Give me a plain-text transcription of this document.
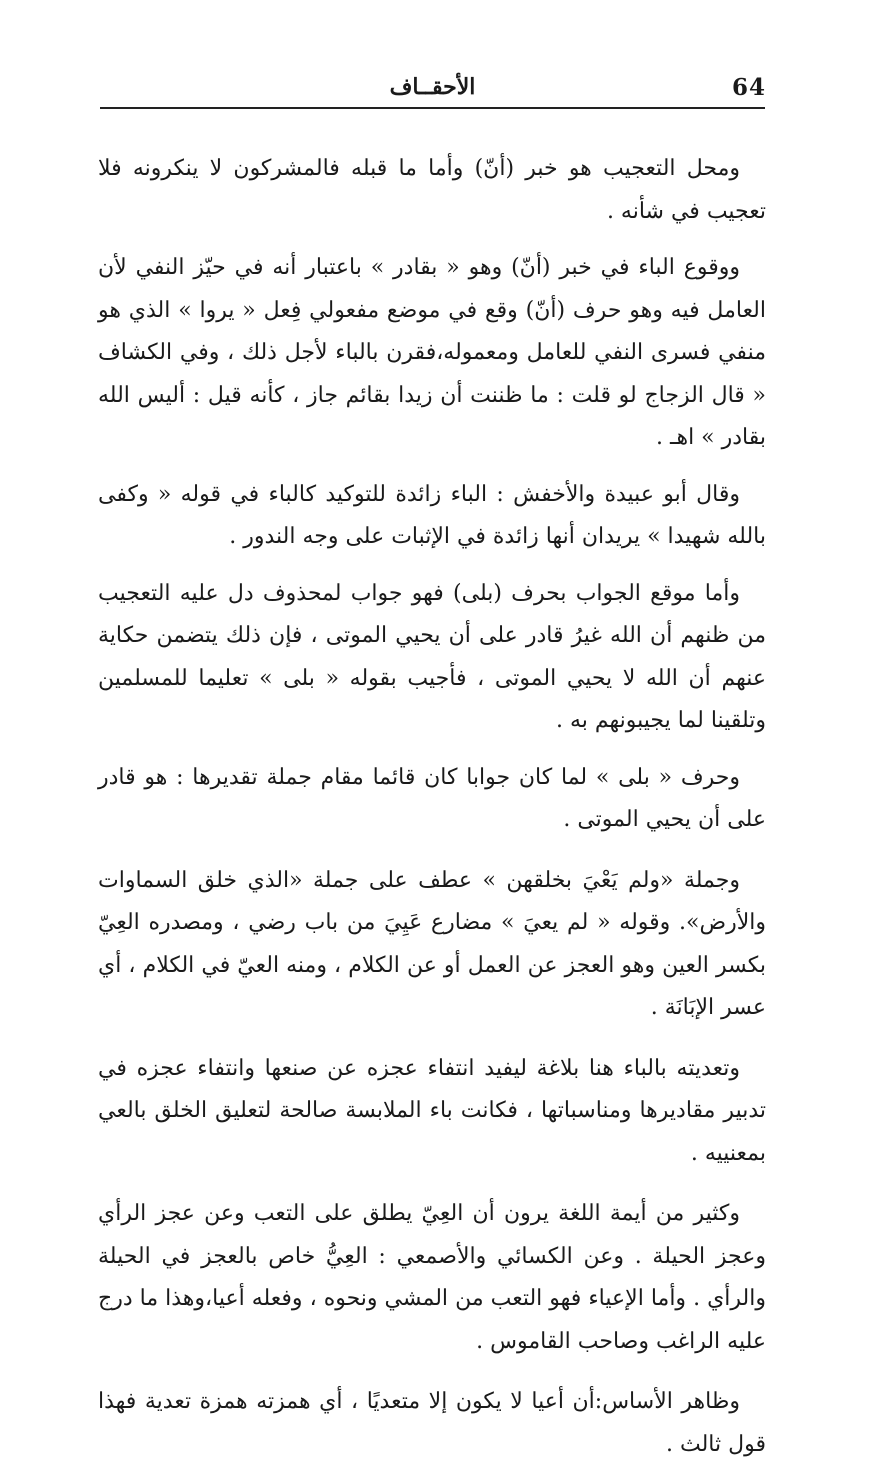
64
الأحقــاف

ومحل التعجيب هو خبر (أنّ) وأما ما قبله فالمشركون لا ينكرونه فلا تعجيب في شأنه .

ووقوع الباء في خبر (أنّ) وهو « بقادر » باعتبار أنه في حيّز النفي لأن العامل فيه وهو حرف (أنّ) وقع في موضع مفعولي فِعل « يروا » الذي هو منفي فسرى النفي للعامل ومعموله،فقرن بالباء لأجل ذلك ، وفي الكشاف « قال الزجاج لو قلت : ما ظننت أن زيدا بقائم جاز ، كأنه قيل : أليس الله بقادر » اهـ .

وقال أبو عبيدة والأخفش : الباء زائدة للتوكيد كالباء في قوله « وكفى بالله شهيدا » يريدان أنها زائدة في الإثبات على وجه الندور .

وأما موقع الجواب بحرف (بلى) فهو جواب لمحذوف دل عليه التعجيب من ظنهم أن الله غيرُ قادر على أن يحيي الموتى ، فإن ذلك يتضمن حكاية عنهم أن الله لا يحيي الموتى ، فأجيب بقوله « بلى » تعليما للمسلمين وتلقينا لما يجيبونهم به .

وحرف « بلى » لما كان جوابا كان قائما مقام جملة تقديرها : هو قادر على أن يحيي الموتى .

وجملة «ولم يَعْيَ بخلقهن » عطف على جملة «الذي خلق السماوات والأرض». وقوله « لم يعيَ » مضارع عَيِيَ من باب رضي ، ومصدره العِيّ بكسر العين وهو العجز عن العمل أو عن الكلام ، ومنه العيّ في الكلام ، أي عسر الإبَانَة .

وتعديته بالباء هنا بلاغة ليفيد انتفاء عجزه عن صنعها وانتفاء عجزه في تدبير مقاديرها ومناسباتها ، فكانت باء الملابسة صالحة لتعليق الخلق بالعي بمعنييه .

وكثير من أيمة اللغة يرون أن العِيّ يطلق على التعب وعن عجز الرأي وعجز الحيلة . وعن الكسائي والأصمعي : العِيُّ خاص بالعجز في الحيلة والرأي . وأما الإعياء فهو التعب من المشي ونحوه ، وفعله أعيا،وهذا ما درج عليه الراغب وصاحب القاموس .

وظاهر الأساس:أن أعيا لا يكون إلا متعديًا ، أي همزته همزة تعدية فهذا قول ثالث .
